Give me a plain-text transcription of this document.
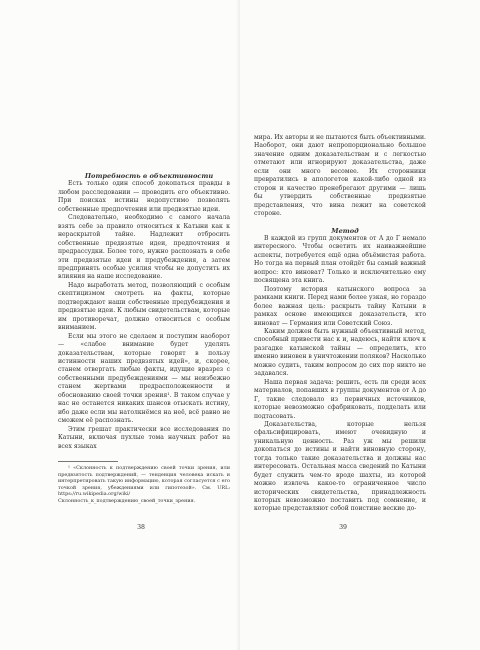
Потребность в объективности

Есть только один способ докопаться правды в любом расследовании — проводить его объективно. При поисках истины недопустимо позволять собственные предпочтения или предвзятые идеи.

Следовательно, необходимо с самого начала взять себе за правило относиться к Катыни как к нераскрытой тайне. Надлежит отбросить собственные предвзятые идеи, предпочтения и предрассудки. Более того, нужно распознать в себе эти предвзятые идеи и предубеждения, а затем предпринять особые усилия чтобы не допустить их влияния на наше исследование.

Надо выработать метод, позволяющий с особым скептицизмом смотреть на факты, которые подтверждают наши собственные предубеждения и предвзятые идеи. К любым свидетельствам, которые им противоречат, должно относиться с особым вниманием.

Если мы этого не сделаем и поступим наоборот — «слабое внимание будет уделять доказательствам, которые говорят в пользу истинности наших предвзятых идей», и, скорее, станем отвергать любые факты, идущие вразрез с собственными предубеждениями — мы неизбежно станем жертвами предрасположенности и обоснованию своей точки зрения¹. В таком случае у нас не останется никаких шансов отыскать истину, ибо даже если мы натолкнёмся на неё, всё равно не сможем её распознать.

Этим грешат практически все исследования по Катыни, включая пухлые тома научных работ на всех языках

¹ «Склонность к подтверждению своей точки зрения, или предвзятость подтверждений, — тенденция человека искать и интерпретировать такую информацию, которая согласуется с его точкой зрения, убеждениями или гипотезой». См. URL: https://ru.wikipedia.org/wiki/Склонность_к_подтверждению_своей_точки_зрения.

38

мира. Их авторы и не пытаются быть объективными. Наоборот, они дают непропорционально большое значение одним доказательствам и с легкостью отметают или игнорируют доказательства, даже если они много весомее. Их сторонники превратились в апологетов какой-либо одной из сторон и качество пренебрегают другими — лишь бы утвердить собственные предвзятые представления, что вина лежит на советской стороне.

Метод

В каждой из групп документов от А до Г немало интересного. Чтобы осветить их наиважнейшие аспекты, потребуется ещё одна объёмистая работа. Но тогда на первый план отойдёт бы самый важный вопрос: кто виноват? Только и исключительно ему посвящена эта книга.

Поэтому история катынского вопроса за рамками книги. Перед нами более узкая, но гораздо более важная цель: раскрыть тайну Катыни в рамках основе имеющихся доказательств, кто виноват — Германия или Советский Союз.

Каким должен быть нужный объективный метод, способный привести нас к и, надеюсь, найти ключ к разгадке катынской тайны — определить, кто именно виновен в уничтожении поляков? Насколько можно судить, таким вопросом до сих пор никто не задавался.

Наша первая задача: решить, есть ли среди всех материалов, попавших в группы документов от А до Г, такие следовало из первичных источников, которые невозможно сфабриковать, подделать или подтасовать.

Доказательства, которые нельзя сфальсифицировать, имеют очевидную и уникальную ценность. Раз уж мы решили докопаться до истины и найти виновную сторону, тогда только такие доказательства и должны нас интересовать. Остальная масса сведений по Катыни будет служить чем-то вроде шахты, из которой можно извлечь какое-то ограниченное число исторических свидетельства, принадлежность которых невозможно поставить под сомнение, и которые представляют собой поистине веские до-

39
